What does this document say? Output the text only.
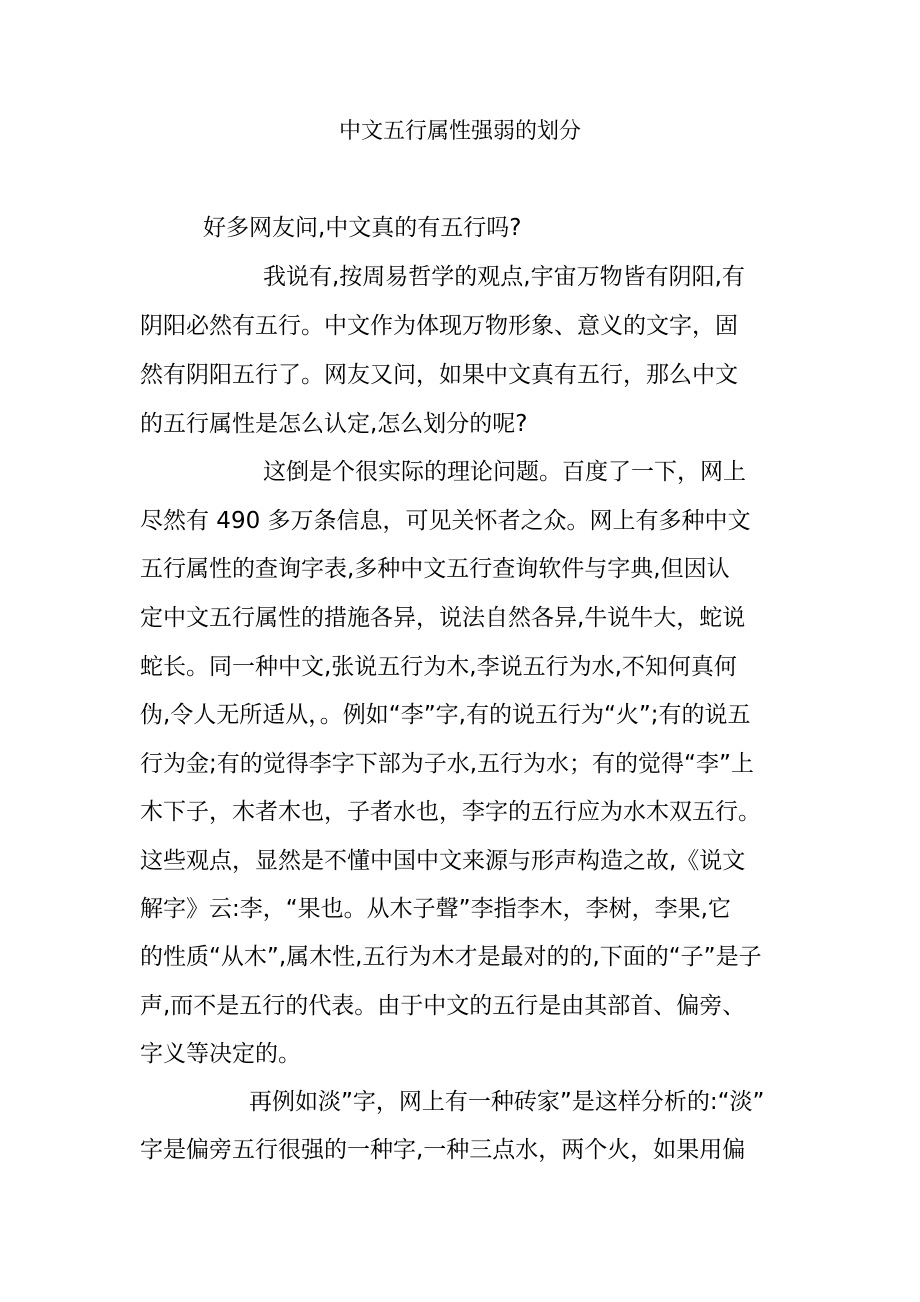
中文五行属性强弱的划分

好多网友问,中文真的有五行吗?

我说有,按周易哲学的观点,宇宙万物皆有阴阳,有

阴阳必然有五行。中文作为体现万物形象、意义的文字，固

然有阴阳五行了。网友又问，如果中文真有五行，那么中文

的五行属性是怎么认定,怎么划分的呢?

这倒是个很实际的理论问题。百度了一下，网上

尽然有 490 多万条信息，可见关怀者之众。网上有多种中文

五行属性的查询字表,多种中文五行查询软件与字典,但因认

定中文五行属性的措施各异，说法自然各异,牛说牛大，蛇说

蛇长。同一种中文,张说五行为木,李说五行为水,不知何真何

伪,令人无所适从，。例如“李”字,有的说五行为“火”;有的说五

行为金;有的觉得李字下部为子水,五行为水；有的觉得“李”上

木下子，木者木也，子者水也，李字的五行应为水木双五行。

这些观点，显然是不懂中国中文来源与形声构造之故,《说文

解字》云:李，“果也。从木子聲”李指李木，李树，李果,它

的性质“从木”,属木性,五行为木才是最对的的,下面的“子”是子

声,而不是五行的代表。由于中文的五行是由其部首、偏旁、

字义等决定的。

再例如淡”字，网上有一种砖家”是这样分析的:“淡”

字是偏旁五行很强的一种字,一种三点水，两个火，如果用偏
